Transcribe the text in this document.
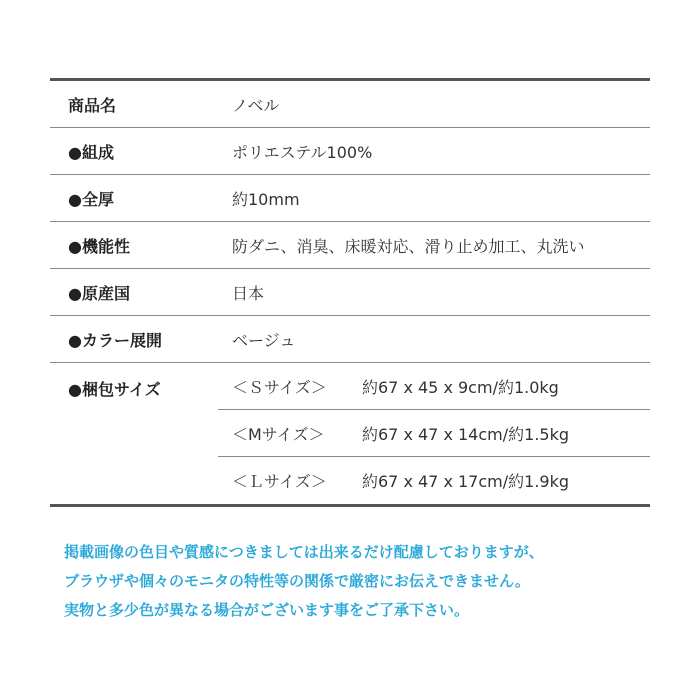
商品名	ノベル
●組成	ポリエステル100%
●全厚	約10mm
●機能性	防ダニ、消臭、床暖対応、滑り止め加工、丸洗い
●原産国	日本
●カラー展開	ベージュ
●梱包サイズ	＜Ｓサイズ＞	約67 x 45 x 9cm/約1.0kg
＜Mサイズ＞	約67 x 47 x 14cm/約1.5kg
＜Ｌサイズ＞	約67 x 47 x 17cm/約1.9kg
掲載画像の色目や質感につきましては出来るだけ配慮しておりますが、
ブラウザや個々のモニタの特性等の関係で厳密にお伝えできません。
実物と多少色が異なる場合がございます事をご了承下さい。
